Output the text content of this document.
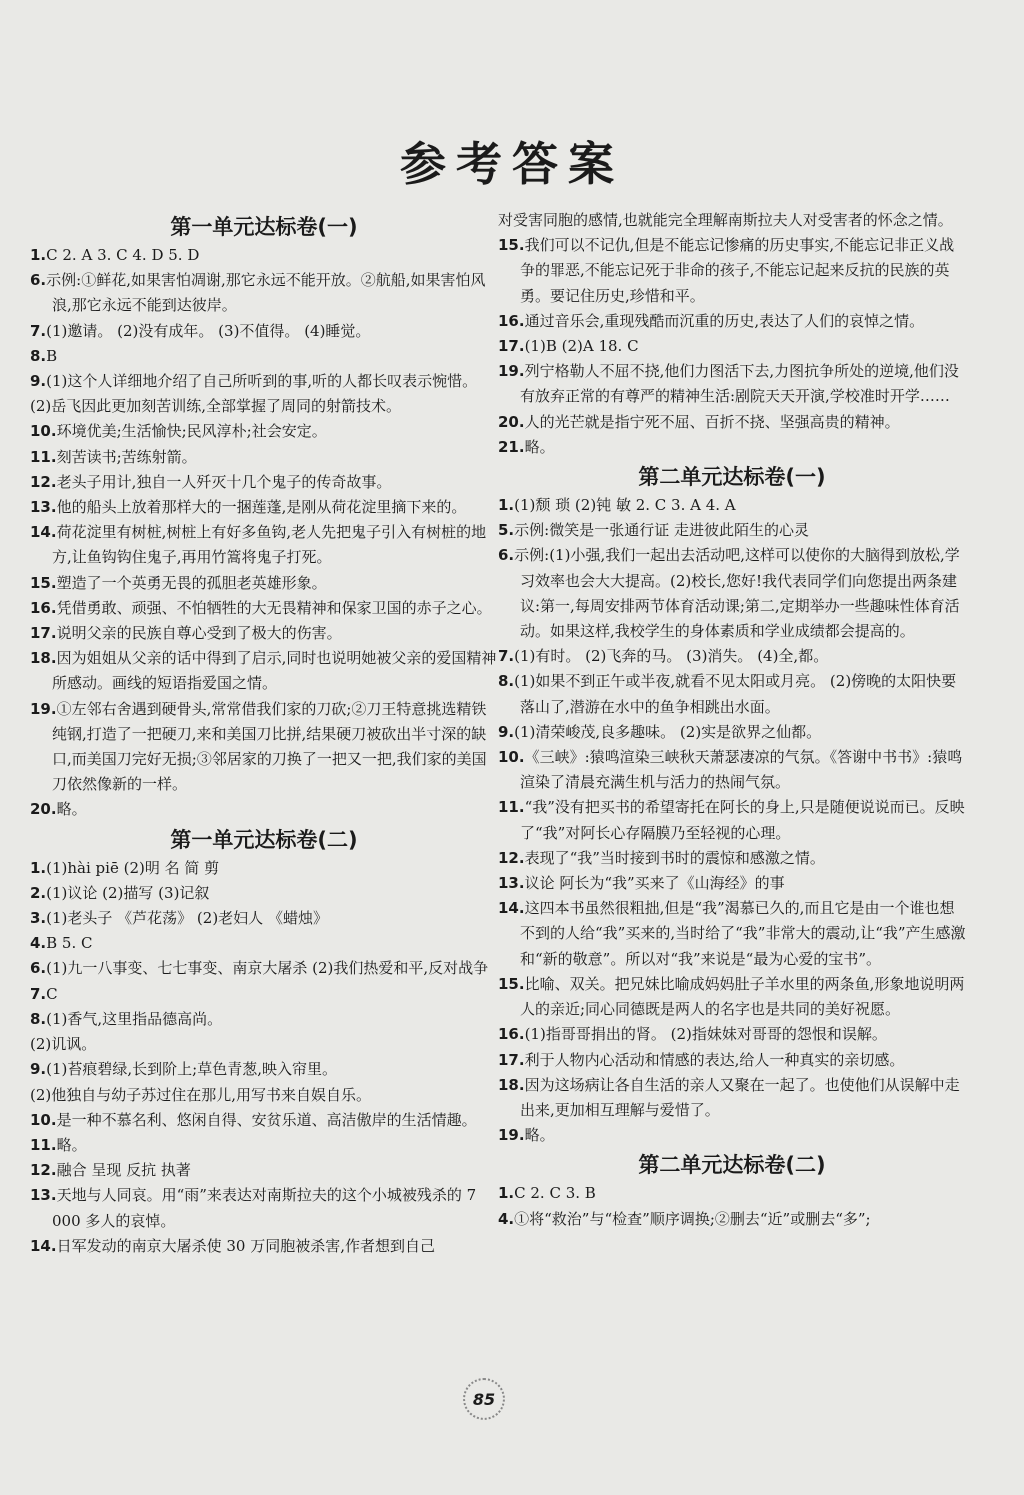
参考答案
第一单元达标卷(一)

1.C 2. A 3. C 4. D 5. D

6.示例:①鲜花,如果害怕凋谢,那它永远不能开放。②航船,如果害怕风浪,那它永远不能到达彼岸。

7.(1)邀请。 (2)没有成年。 (3)不值得。 (4)睡觉。

8.B

9.(1)这个人详细地介绍了自己所听到的事,听的人都长叹表示惋惜。

(2)岳飞因此更加刻苦训练,全部掌握了周同的射箭技术。

10.环境优美;生活愉快;民风淳朴;社会安定。

11.刻苦读书;苦练射箭。

12.老头子用计,独自一人歼灭十几个鬼子的传奇故事。

13.他的船头上放着那样大的一捆莲蓬,是刚从荷花淀里摘下来的。

14.荷花淀里有树桩,树桩上有好多鱼钩,老人先把鬼子引入有树桩的地方,让鱼钩钩住鬼子,再用竹篙将鬼子打死。

15.塑造了一个英勇无畏的孤胆老英雄形象。

16.凭借勇敢、顽强、不怕牺牲的大无畏精神和保家卫国的赤子之心。

17.说明父亲的民族自尊心受到了极大的伤害。

18.因为姐姐从父亲的话中得到了启示,同时也说明她被父亲的爱国精神所感动。画线的短语指爱国之情。

19.①左邻右舍遇到硬骨头,常常借我们家的刀砍;②刀王特意挑选精铁纯钢,打造了一把硬刀,来和美国刀比拼,结果硬刀被砍出半寸深的缺口,而美国刀完好无损;③邻居家的刀换了一把又一把,我们家的美国刀依然像新的一样。

20.略。

第一单元达标卷(二)

1.(1)hài piē (2)明 名 简 剪

2.(1)议论 (2)描写 (3)记叙

3.(1)老头子 《芦花荡》 (2)老妇人 《蜡烛》

4.B 5. C

6.(1)九一八事变、七七事变、南京大屠杀 (2)我们热爱和平,反对战争

7.C

8.(1)香气,这里指品德高尚。

(2)讥讽。

9.(1)苔痕碧绿,长到阶上;草色青葱,映入帘里。

(2)他独自与幼子苏过住在那儿,用写书来自娱自乐。

10.是一种不慕名利、悠闲自得、安贫乐道、高洁傲岸的生活情趣。

11.略。

12.融合 呈现 反抗 执著

13.天地与人同哀。用“雨”来表达对南斯拉夫的这个小城被残杀的 7 000 多人的哀悼。

14.日军发动的南京大屠杀使 30 万同胞被杀害,作者想到自己

对受害同胞的感情,也就能完全理解南斯拉夫人对受害者的怀念之情。

15.我们可以不记仇,但是不能忘记惨痛的历史事实,不能忘记非正义战争的罪恶,不能忘记死于非命的孩子,不能忘记起来反抗的民族的英勇。要记住历史,珍惜和平。

16.通过音乐会,重现残酷而沉重的历史,表达了人们的哀悼之情。

17.(1)B (2)A 18. C

19.列宁格勒人不屈不挠,他们力图活下去,力图抗争所处的逆境,他们没有放弃正常的有尊严的精神生活:剧院天天开演,学校准时开学……

20.人的光芒就是指宁死不屈、百折不挠、坚强高贵的精神。

21.略。

第二单元达标卷(一)

1.(1)颓 琐 (2)钝 敏 2. C 3. A 4. A

5.示例:微笑是一张通行证 走进彼此陌生的心灵

6.示例:(1)小强,我们一起出去活动吧,这样可以使你的大脑得到放松,学习效率也会大大提高。(2)校长,您好!我代表同学们向您提出两条建议:第一,每周安排两节体育活动课;第二,定期举办一些趣味性体育活动。如果这样,我校学生的身体素质和学业成绩都会提高的。

7.(1)有时。 (2)飞奔的马。 (3)消失。 (4)全,都。

8.(1)如果不到正午或半夜,就看不见太阳或月亮。 (2)傍晚的太阳快要落山了,潜游在水中的鱼争相跳出水面。

9.(1)清荣峻茂,良多趣味。 (2)实是欲界之仙都。

10.《三峡》:猿鸣渲染三峡秋天萧瑟凄凉的气氛。《答谢中书书》:猿鸣渲染了清晨充满生机与活力的热闹气氛。

11.“我”没有把买书的希望寄托在阿长的身上,只是随便说说而已。反映了“我”对阿长心存隔膜乃至轻视的心理。

12.表现了“我”当时接到书时的震惊和感激之情。

13.议论 阿长为“我”买来了《山海经》的事

14.这四本书虽然很粗拙,但是“我”渴慕已久的,而且它是由一个谁也想不到的人给“我”买来的,当时给了“我”非常大的震动,让“我”产生感激和“新的敬意”。所以对“我”来说是“最为心爱的宝书”。

15.比喻、双关。把兄妹比喻成妈妈肚子羊水里的两条鱼,形象地说明两人的亲近;同心同德既是两人的名字也是共同的美好祝愿。

16.(1)指哥哥捐出的肾。 (2)指妹妹对哥哥的怨恨和误解。

17.利于人物内心活动和情感的表达,给人一种真实的亲切感。

18.因为这场病让各自生活的亲人又聚在一起了。也使他们从误解中走出来,更加相互理解与爱惜了。

19.略。

第二单元达标卷(二)

1.C 2. C 3. B

4.①将“救治”与“检查”顺序调换;②删去“近”或删去“多”;

85
